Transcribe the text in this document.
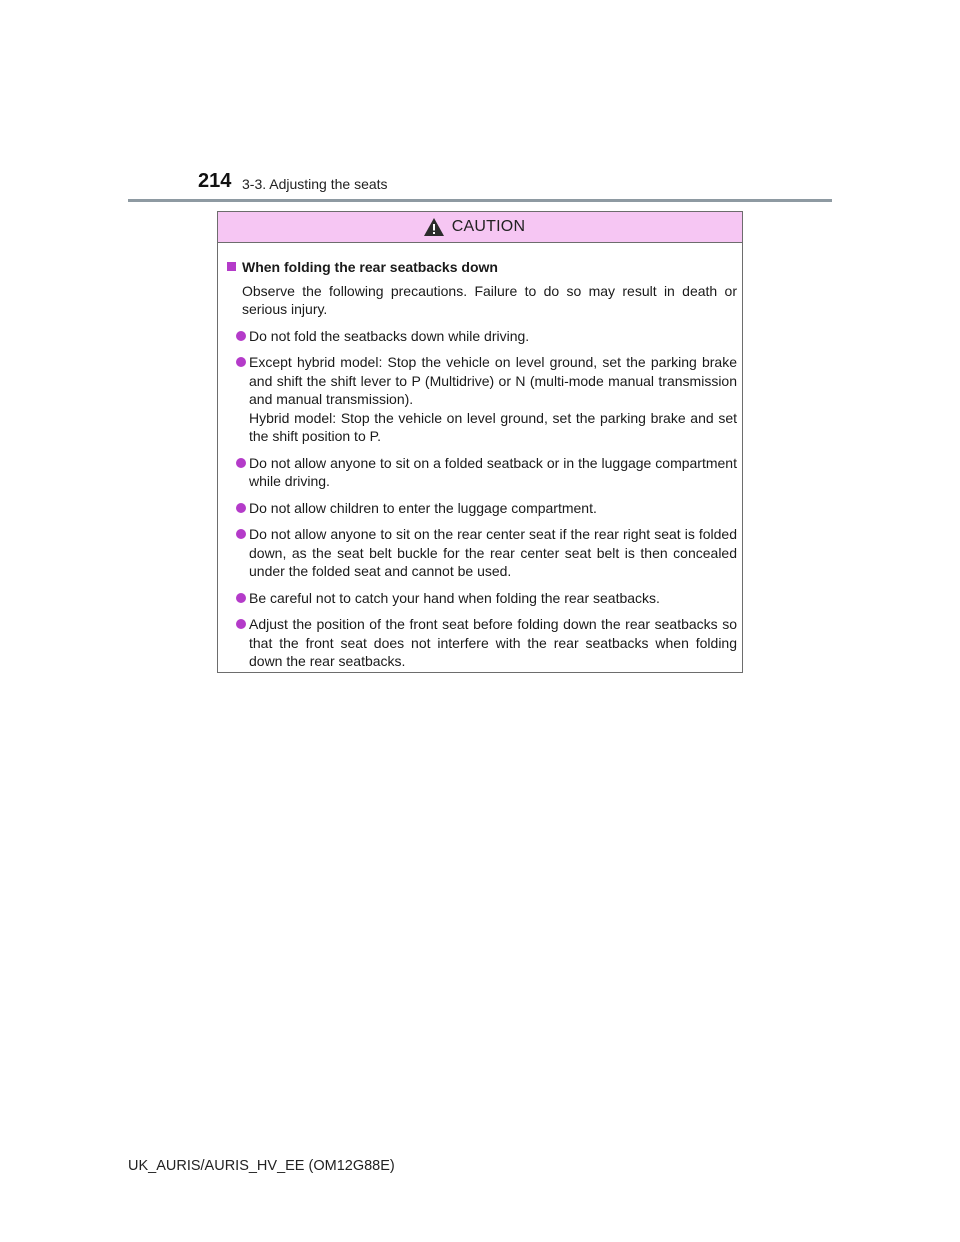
214 3-3. Adjusting the seats
CAUTION
When folding the rear seatbacks down
Observe the following precautions. Failure to do so may result in death or serious injury.
Do not fold the seatbacks down while driving.
Except hybrid model: Stop the vehicle on level ground, set the parking brake and shift the shift lever to P (Multidrive) or N (multi-mode manual transmission and manual transmission).
Hybrid model: Stop the vehicle on level ground, set the parking brake and set the shift position to P.
Do not allow anyone to sit on a folded seatback or in the luggage compartment while driving.
Do not allow children to enter the luggage compartment.
Do not allow anyone to sit on the rear center seat if the rear right seat is folded down, as the seat belt buckle for the rear center seat belt is then concealed under the folded seat and cannot be used.
Be careful not to catch your hand when folding the rear seatbacks.
Adjust the position of the front seat before folding down the rear seatbacks so that the front seat does not interfere with the rear seatbacks when folding down the rear seatbacks.
UK_AURIS/AURIS_HV_EE (OM12G88E)
